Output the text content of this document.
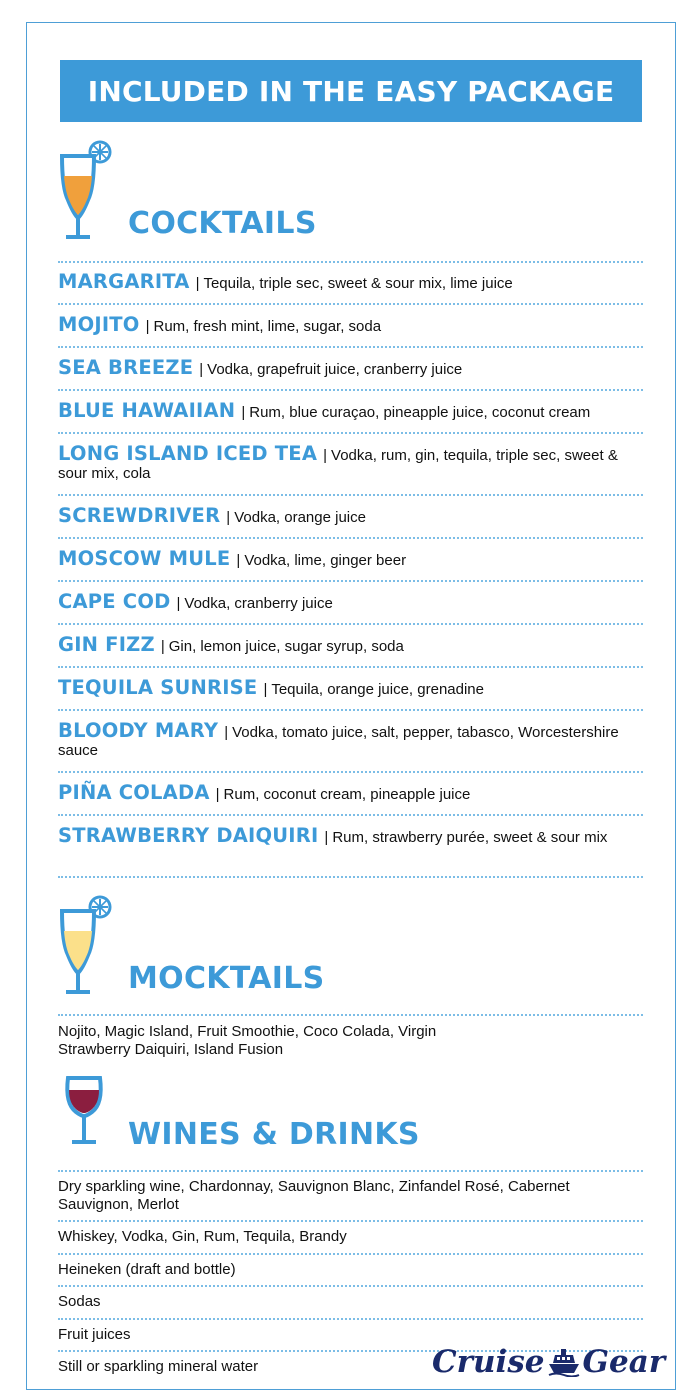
INCLUDED IN THE EASY PACKAGE
COCKTAILS
MARGARITA | Tequila, triple sec, sweet & sour mix, lime juice
MOJITO | Rum, fresh mint, lime, sugar, soda
SEA BREEZE | Vodka, grapefruit juice, cranberry juice
BLUE HAWAIIAN | Rum, blue curaçao, pineapple juice, coconut cream
LONG ISLAND ICED TEA | Vodka, rum, gin, tequila, triple sec, sweet & sour mix, cola
SCREWDRIVER | Vodka, orange juice
MOSCOW MULE | Vodka, lime, ginger beer
CAPE COD | Vodka, cranberry juice
GIN FIZZ | Gin, lemon juice, sugar syrup, soda
TEQUILA SUNRISE | Tequila, orange juice, grenadine
BLOODY MARY | Vodka, tomato juice, salt, pepper, tabasco, Worcestershire sauce
PIÑA COLADA | Rum, coconut cream, pineapple juice
STRAWBERRY DAIQUIRI | Rum, strawberry purée, sweet & sour mix
MOCKTAILS
Nojito, Magic Island, Fruit Smoothie, Coco Colada, Virgin Strawberry Daiquiri, Island Fusion
WINES & DRINKS
Dry sparkling wine, Chardonnay, Sauvignon Blanc, Zinfandel Rosé, Cabernet Sauvignon, Merlot
Whiskey, Vodka, Gin, Rum, Tequila, Brandy
Heineken (draft and bottle)
Sodas
Fruit juices
Still or sparkling mineral water	Cruise Gear
